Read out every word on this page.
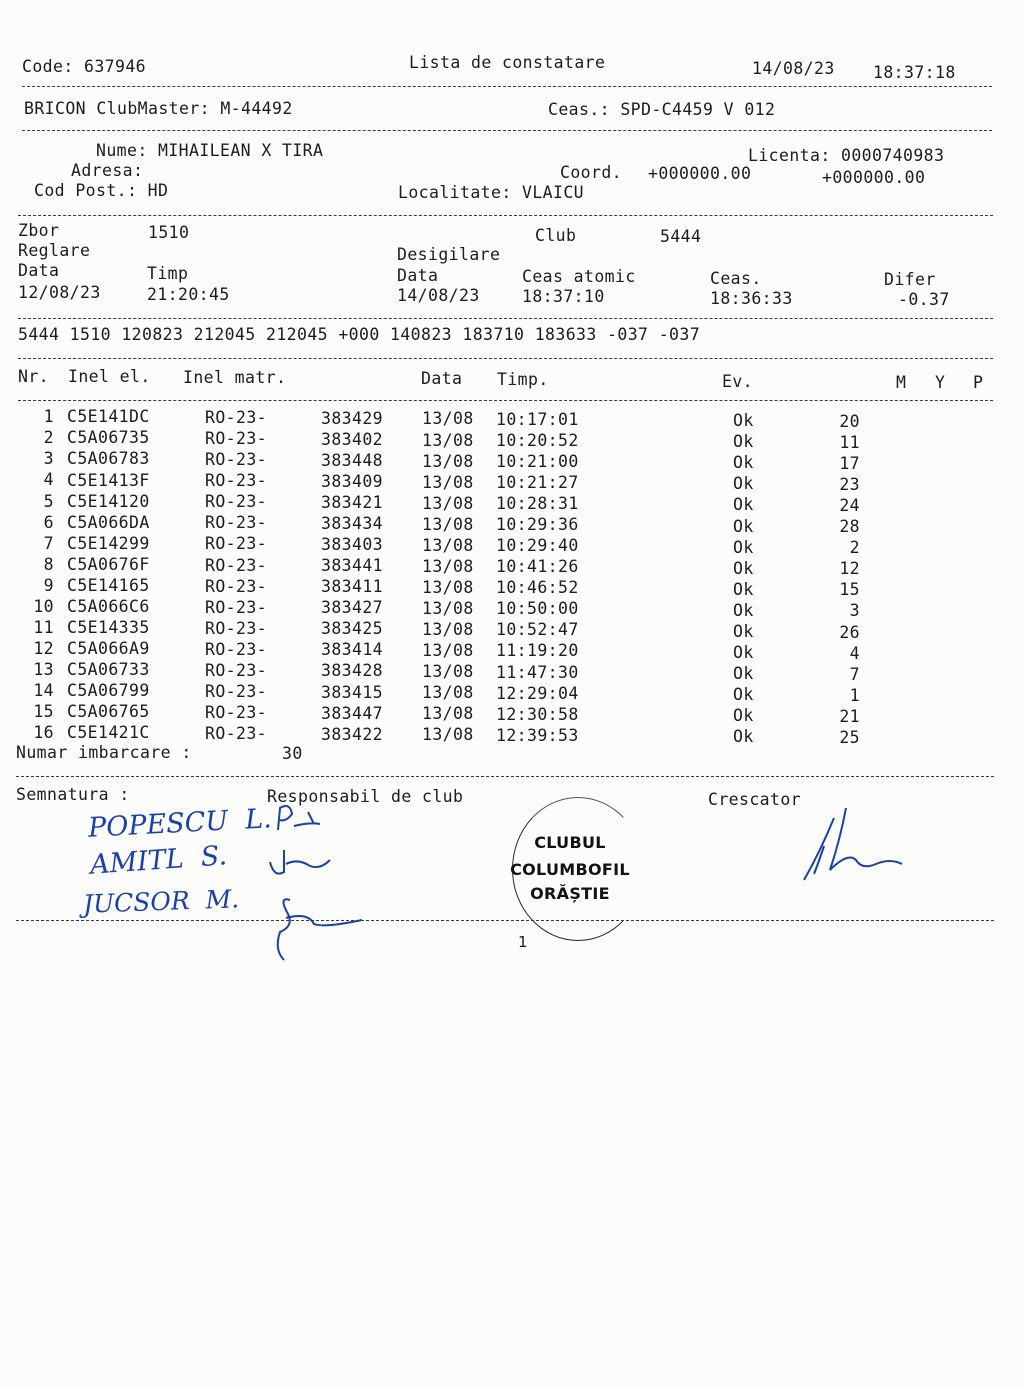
Code: 637946	Lista de constatare	14/08/23 18:37:18
BRICON ClubMaster: M-44492	Ceas.: SPD-C4459 V 012
Nume: MIHAILEAN X TIRA	Licenta: 0000740983
Adresa:	Coord. +000000.00	+000000.00
Cod Post.: HD	Localitate: VLAICU
Zbor	1510	Club	5444
Reglare	Desigilare
Data	Timp	Data	Ceas atomic	Ceas.	Difer
12/08/23	21:20:45	14/08/23	18:37:10	18:36:33	-0.37
5444 1510 120823 212045 212045 +000 140823 183710 183633 -037 -037
Nr. Inel el. Inel matr.	Data Timp.	Ev.	M Y P
1 C5E141DC	RO-23-	383429 13/08 10:17:01	Ok	20
2 C5A06735	RO-23-	383402 13/08 10:20:52	Ok	11
3 C5A06783	RO-23-	383448 13/08 10:21:00	Ok	17
4 C5E1413F	RO-23-	383409 13/08 10:21:27	Ok	23
5 C5E14120	RO-23-	383421 13/08 10:28:31	Ok	24
6 C5A066DA	RO-23-	383434 13/08 10:29:36	Ok	28
7 C5E14299	RO-23-	383403 13/08 10:29:40	Ok	2
8 C5A0676F	RO-23-	383441 13/08 10:41:26	Ok	12
9 C5E14165	RO-23-	383411 13/08 10:46:52	Ok	15
10 C5A066C6	RO-23-	383427 13/08 10:50:00	Ok	3
11 C5E14335	RO-23-	383425 13/08 10:52:47	Ok	26
12 C5A066A9	RO-23-	383414 13/08 11:19:20	Ok	4
13 C5A06733	RO-23-	383428 13/08 11:47:30	Ok	7
14 C5A06799	RO-23-	383415 13/08 12:29:04	Ok	1
15 C5A06765	RO-23-	383447 13/08 12:30:58	Ok	21
16 C5E1421C	RO-23-	383422 13/08 12:39:53	Ok	25
Numar imbarcare :	30
Semnatura :	Responsabil de club	Crescator
POPESCU  L.
AMITL  S.
JUCSOR  M.
CLUBUL
COLUMBOFIL
ORĂȘTIE
1
